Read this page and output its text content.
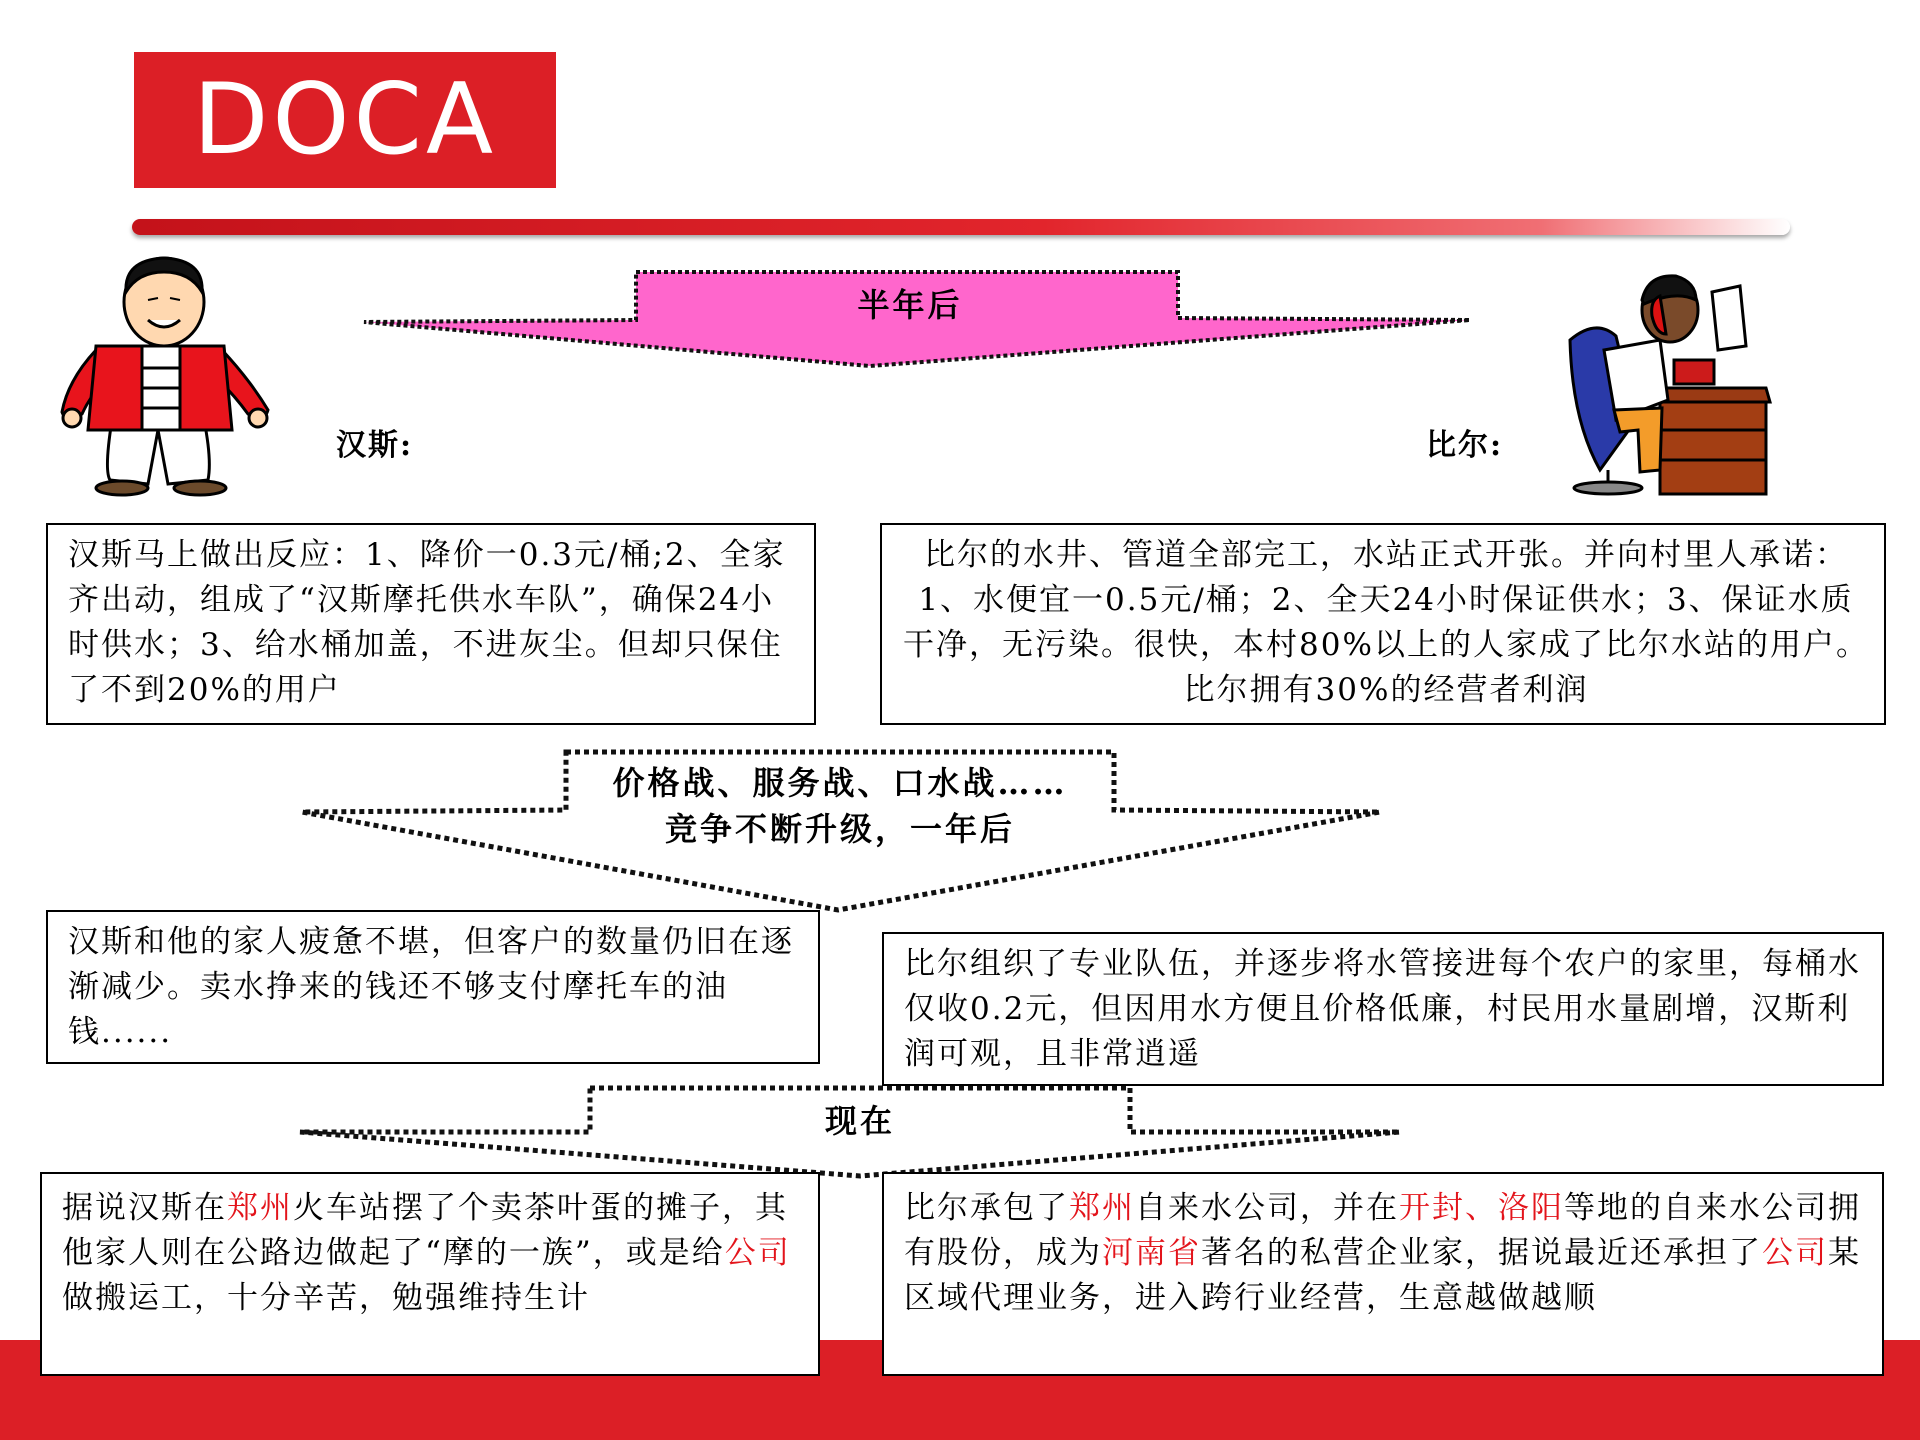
DOCA
半年后
价格战、服务战、口水战……
竞争不断升级，一年后
现在
汉斯:	比尔:
汉斯马上做出反应：1、降价一0.3元/桶;2、全家齐出动，组成了“汉斯摩托供水车队”，确保24小时供水；3、给水桶加盖，不进灰尘。但却只保住了不到20%的用户
比尔的水井、管道全部完工，水站正式开张。并向村里人承诺：1、水便宜一0.5元/桶；2、全天24小时保证供水；3、保证水质干净，无污染。很快，本村80%以上的人家成了比尔水站的用户。比尔拥有30%的经营者利润
汉斯和他的家人疲惫不堪，但客户的数量仍旧在逐渐减少。卖水挣来的钱还不够支付摩托车的油钱......
比尔组织了专业队伍，并逐步将水管接进每个农户的家里，每桶水仅收0.2元，但因用水方便且价格低廉，村民用水量剧增，汉斯利润可观，且非常逍遥
据说汉斯在郑州火车站摆了个卖茶叶蛋的摊子，其他家人则在公路边做起了“摩的一族”，或是给公司做搬运工，十分辛苦，勉强维持生计
比尔承包了郑州自来水公司，并在开封、洛阳等地的自来水公司拥有股份，成为河南省著名的私营企业家，据说最近还承担了公司某区域代理业务，进入跨行业经营，生意越做越顺
